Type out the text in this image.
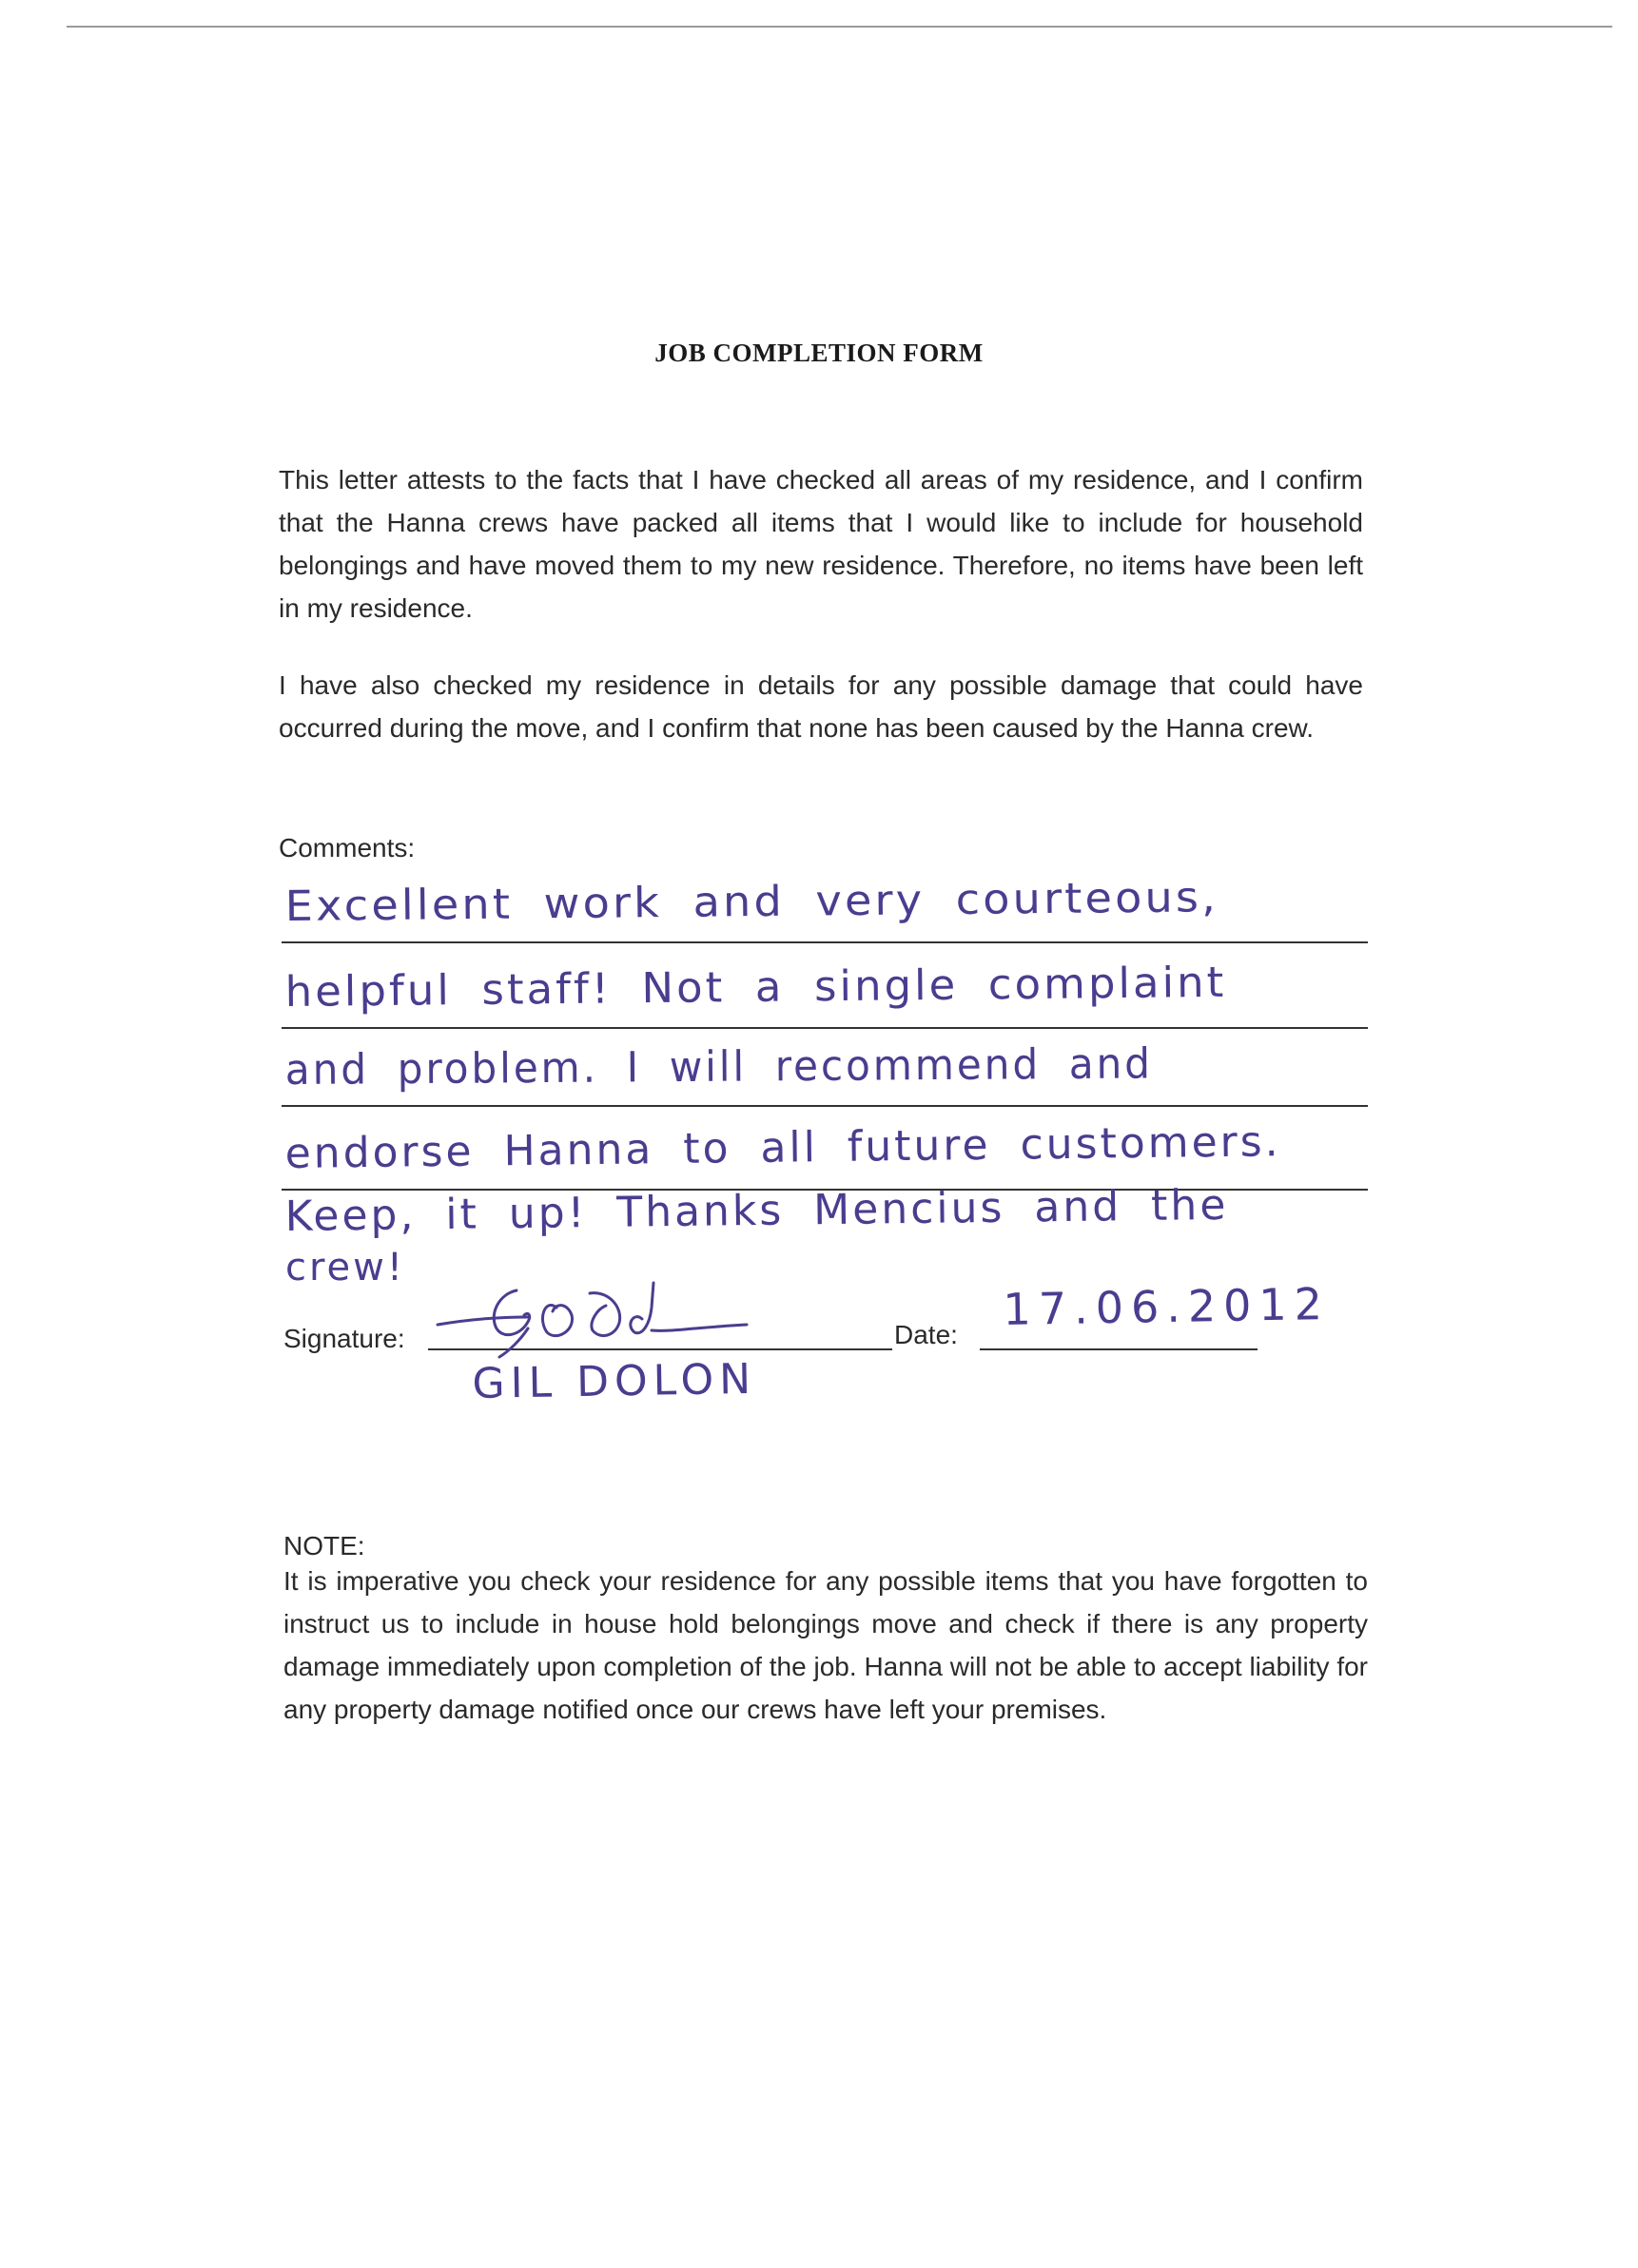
JOB COMPLETION FORM

This letter attests to the facts that I have checked all areas of my residence, and I confirm that the Hanna crews have packed all items that I would like to include for household belongings and have moved them to my new residence. Therefore, no items have been left in my residence.

I have also checked my residence in details for any possible damage that could have occurred during the move, and I confirm that none has been caused by the Hanna crew.

Comments:
Excellent work and very courteous,
helpful staff! Not a single complaint
and problem. I will recommend and
endorse Hanna to all future customers.
Keep, it up! Thanks Mencius and the
crew!
Signature:
GIL DOLON
Date: 17.06.2012
NOTE:

It is imperative you check your residence for any possible items that you have forgotten to instruct us to include in house hold belongings move and check if there is any property damage immediately upon completion of the job. Hanna will not be able to accept liability for any property damage notified once our crews have left your premises.
